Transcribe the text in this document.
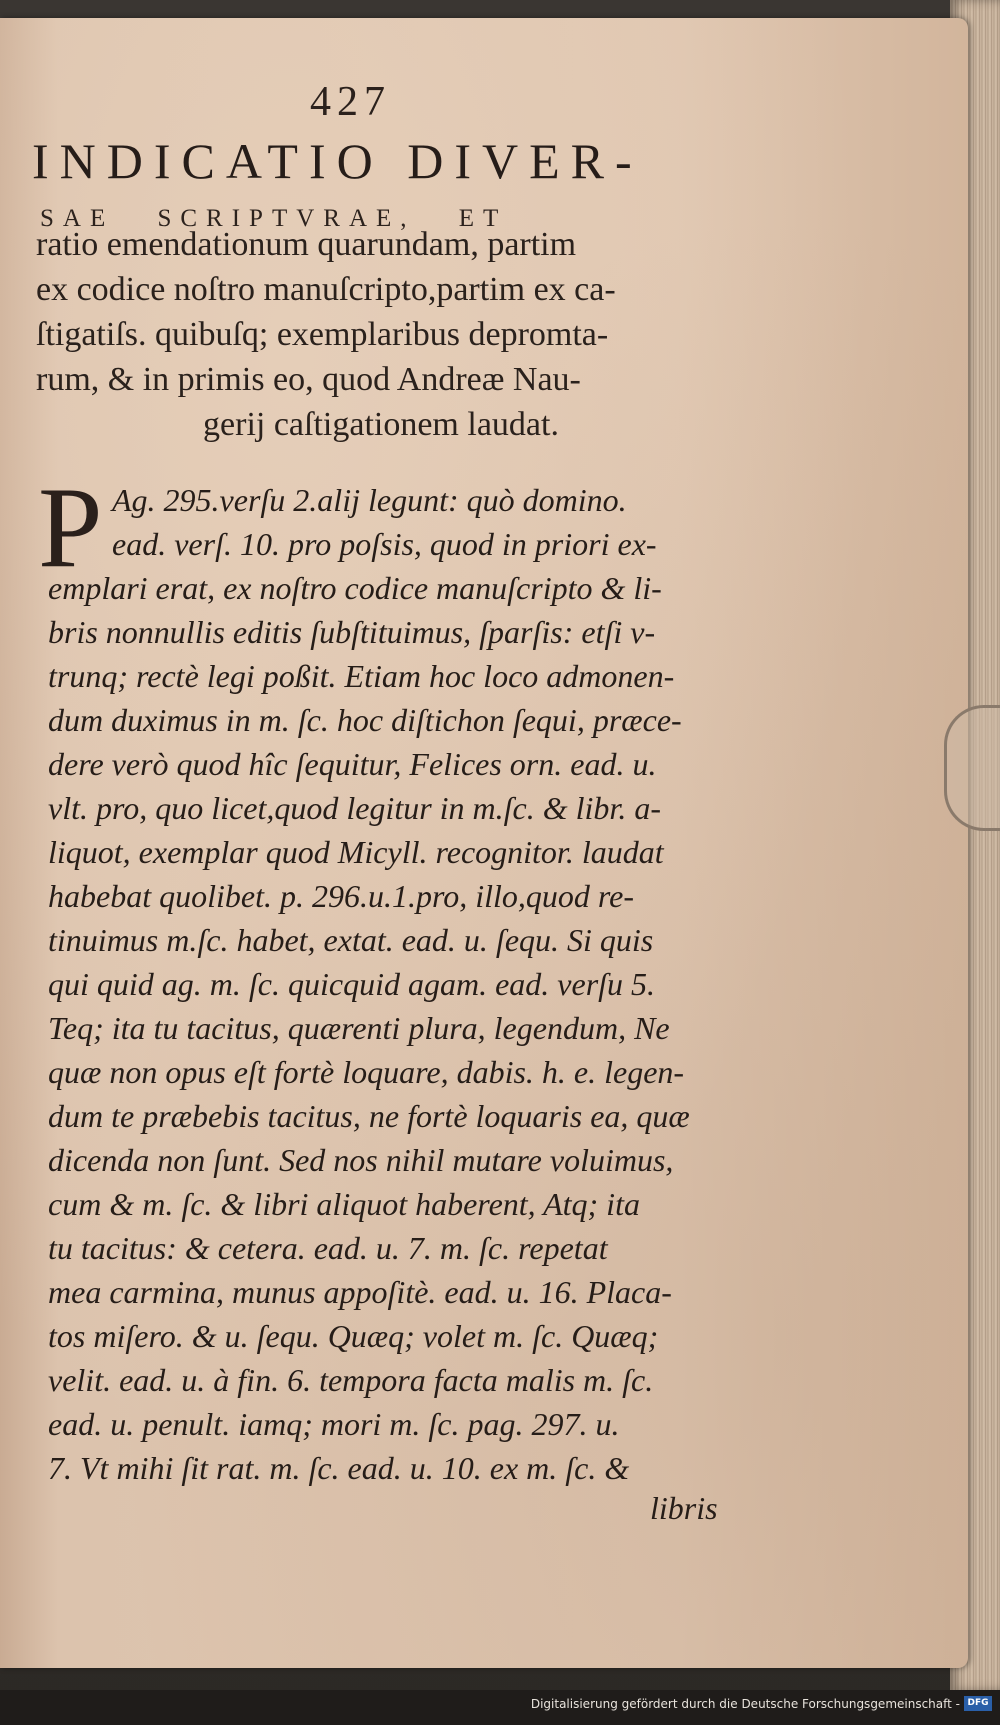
427
INDICATIO DIVER-
SAE SCRIPTVRAE, ET
ratio emendationum quarundam, partim
ex codice noſtro manuſcripto,partim ex ca-
ſtigatiſs. quibuſq; exemplaribus depromta-
rum, & in primis eo, quod Andreæ Nau-
gerij caſtigationem laudat.
P Ag. 295.verſu 2.alij legunt: quò domino.
ead. verſ. 10. pro poſsis, quod in priori ex-
emplari erat, ex noſtro codice manuſcripto & li-
bris nonnullis editis ſubſtituimus, ſparſis: etſi v-
trunq; rectè legi poßit. Etiam hoc loco admonen-
dum duximus in m. ſc. hoc diſtichon ſequi, præce-
dere verò quod hîc ſequitur, Felices orn. ead. u.
vlt. pro, quo licet,quod legitur in m.ſc. & libr. a-
liquot, exemplar quod Micyll. recognitor. laudat
habebat quolibet. p. 296.u.1.pro, illo,quod re-
tinuimus m.ſc. habet, extat. ead. u. ſequ. Si quis
qui quid ag. m. ſc. quicquid agam. ead. verſu 5.
Teq; ita tu tacitus, quærenti plura, legendum, Ne
quæ non opus eſt fortè loquare, dabis. h. e. legen-
dum te præbebis tacitus, ne fortè loquaris ea, quæ
dicenda non ſunt. Sed nos nihil mutare voluimus,
cum & m. ſc. & libri aliquot haberent, Atq; ita
tu tacitus: & cetera. ead. u. 7. m. ſc. repetat
mea carmina, munus appoſitè. ead. u. 16. Placa-
tos miſero. & u. ſequ. Quæq; volet m. ſc. Quæq;
velit. ead. u. à fin. 6. tempora facta malis m. ſc.
ead. u. penult. iamq; mori m. ſc. pag. 297. u.
7. Vt mihi ſit rat. m. ſc. ead. u. 10. ex m. ſc. &
libris
Digitalisierung gefördert durch die Deutsche Forschungsgemeinschaft - DFG
